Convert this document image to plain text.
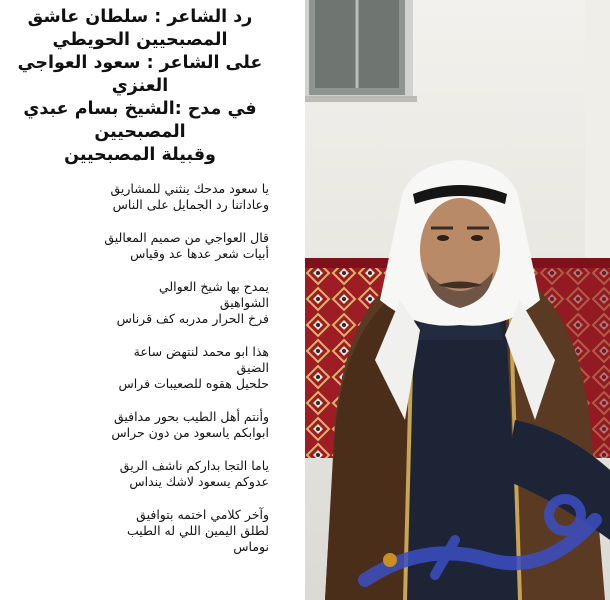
رد الشاعر : سلطان عاشق
المصبحيين الحويطي
على الشاعر : سعود العواجي
العنزي
في مدح :الشيخ بسام عبدي
المصبحيين
وقبيلة المصبحيين
يا سعود مدحك ينثني للمشاريق
وعاداتنا رد الجمايل على الناس
قال العواجي من صميم المعاليق
أبيات شعر عدها عد وقياس
يمدح بها شيخ العوالي
الشواهيق
فرخ الحرار مدربه كف قرناس
هذا ابو محمد لنتهض ساعة
الضيق
حلحيل هقوه للصعيبات فراس
وأنتم أهل الطيب بحور مدافيق
ابوابكم ياسعود من دون حراس
ياما التجا بداركم ناشف الريق
عدوكم يسعود لاشك ينداس
وآخر كلامي اختمه بتوافيق
لطلق اليمين اللي له الطيب
نوماس
